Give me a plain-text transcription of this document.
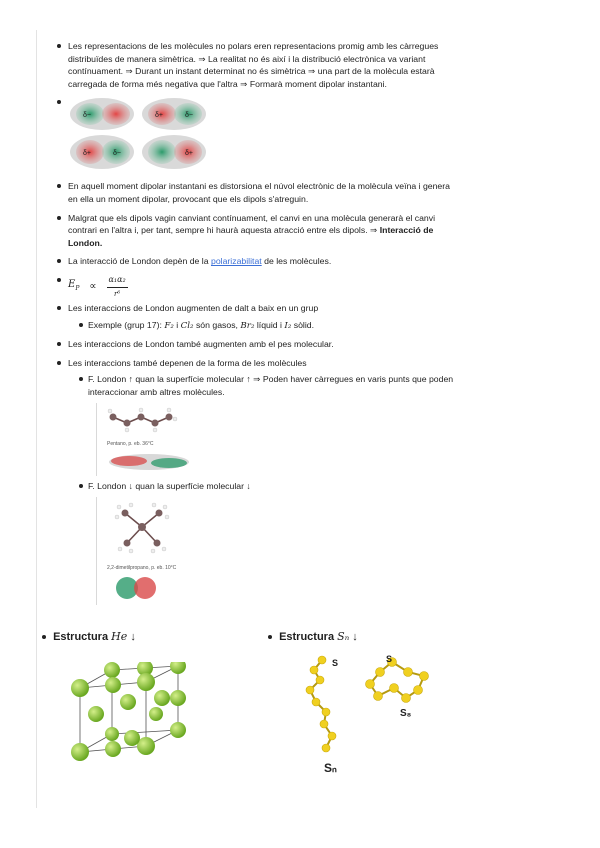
Les representacions de les molècules no polars eren representacions promig amb les càrregues distribuïdes de manera simètrica. ⇒ La realitat no és així i la distribució electrònica va variant contínuament. ⇒ Durant un instant determinat no és simètrica ⇒ una part de la molècula estarà carregada de forma més negativa que l'altra ⇒ Formarà moment dipolar instantani.
δ−
δ+	δ−
δ+	δ−
δ+
En aquell moment dipolar instantani es distorsiona el núvol electrònic de la molècula veïna i genera en ella un moment dipolar, provocant que els dipols s'atreguin.
Malgrat que els dipols vagin canviant contínuament, el canvi en una molècula generarà el canvi contrari en l'altra i, per tant, sempre hi haurà aquesta atracció entre els dipols. ⇒ Interacció de London.
La interacció de London depèn de la polarizabilitat de les molècules.
$E_P \propto \frac{\text{α₁α₂}}{\text{r⁶}}$
Les interaccions de London augmenten de dalt a baix en un grup
Exemple (grup 17): F₂ i Cl₂ són gasos, Br₂ líquid i I₂ sòlid.
Les interaccions de London també augmenten amb el pes molecular.
Les interaccions també depenen de la forma de les molècules
F. London ↑ quan la superfície molecular ↑ ⇒ Poden haver càrregues en varis punts que poden interaccionar amb altres molècules.
Pentano, p. eb. 36°C
F. London ↓ quan la superfície molecular ↓
2,2-dimetilpropano, p. eb. 10°C
Estructura He ↓	Estructura Sₙ ↓
S	S
S₈
Sₙ
